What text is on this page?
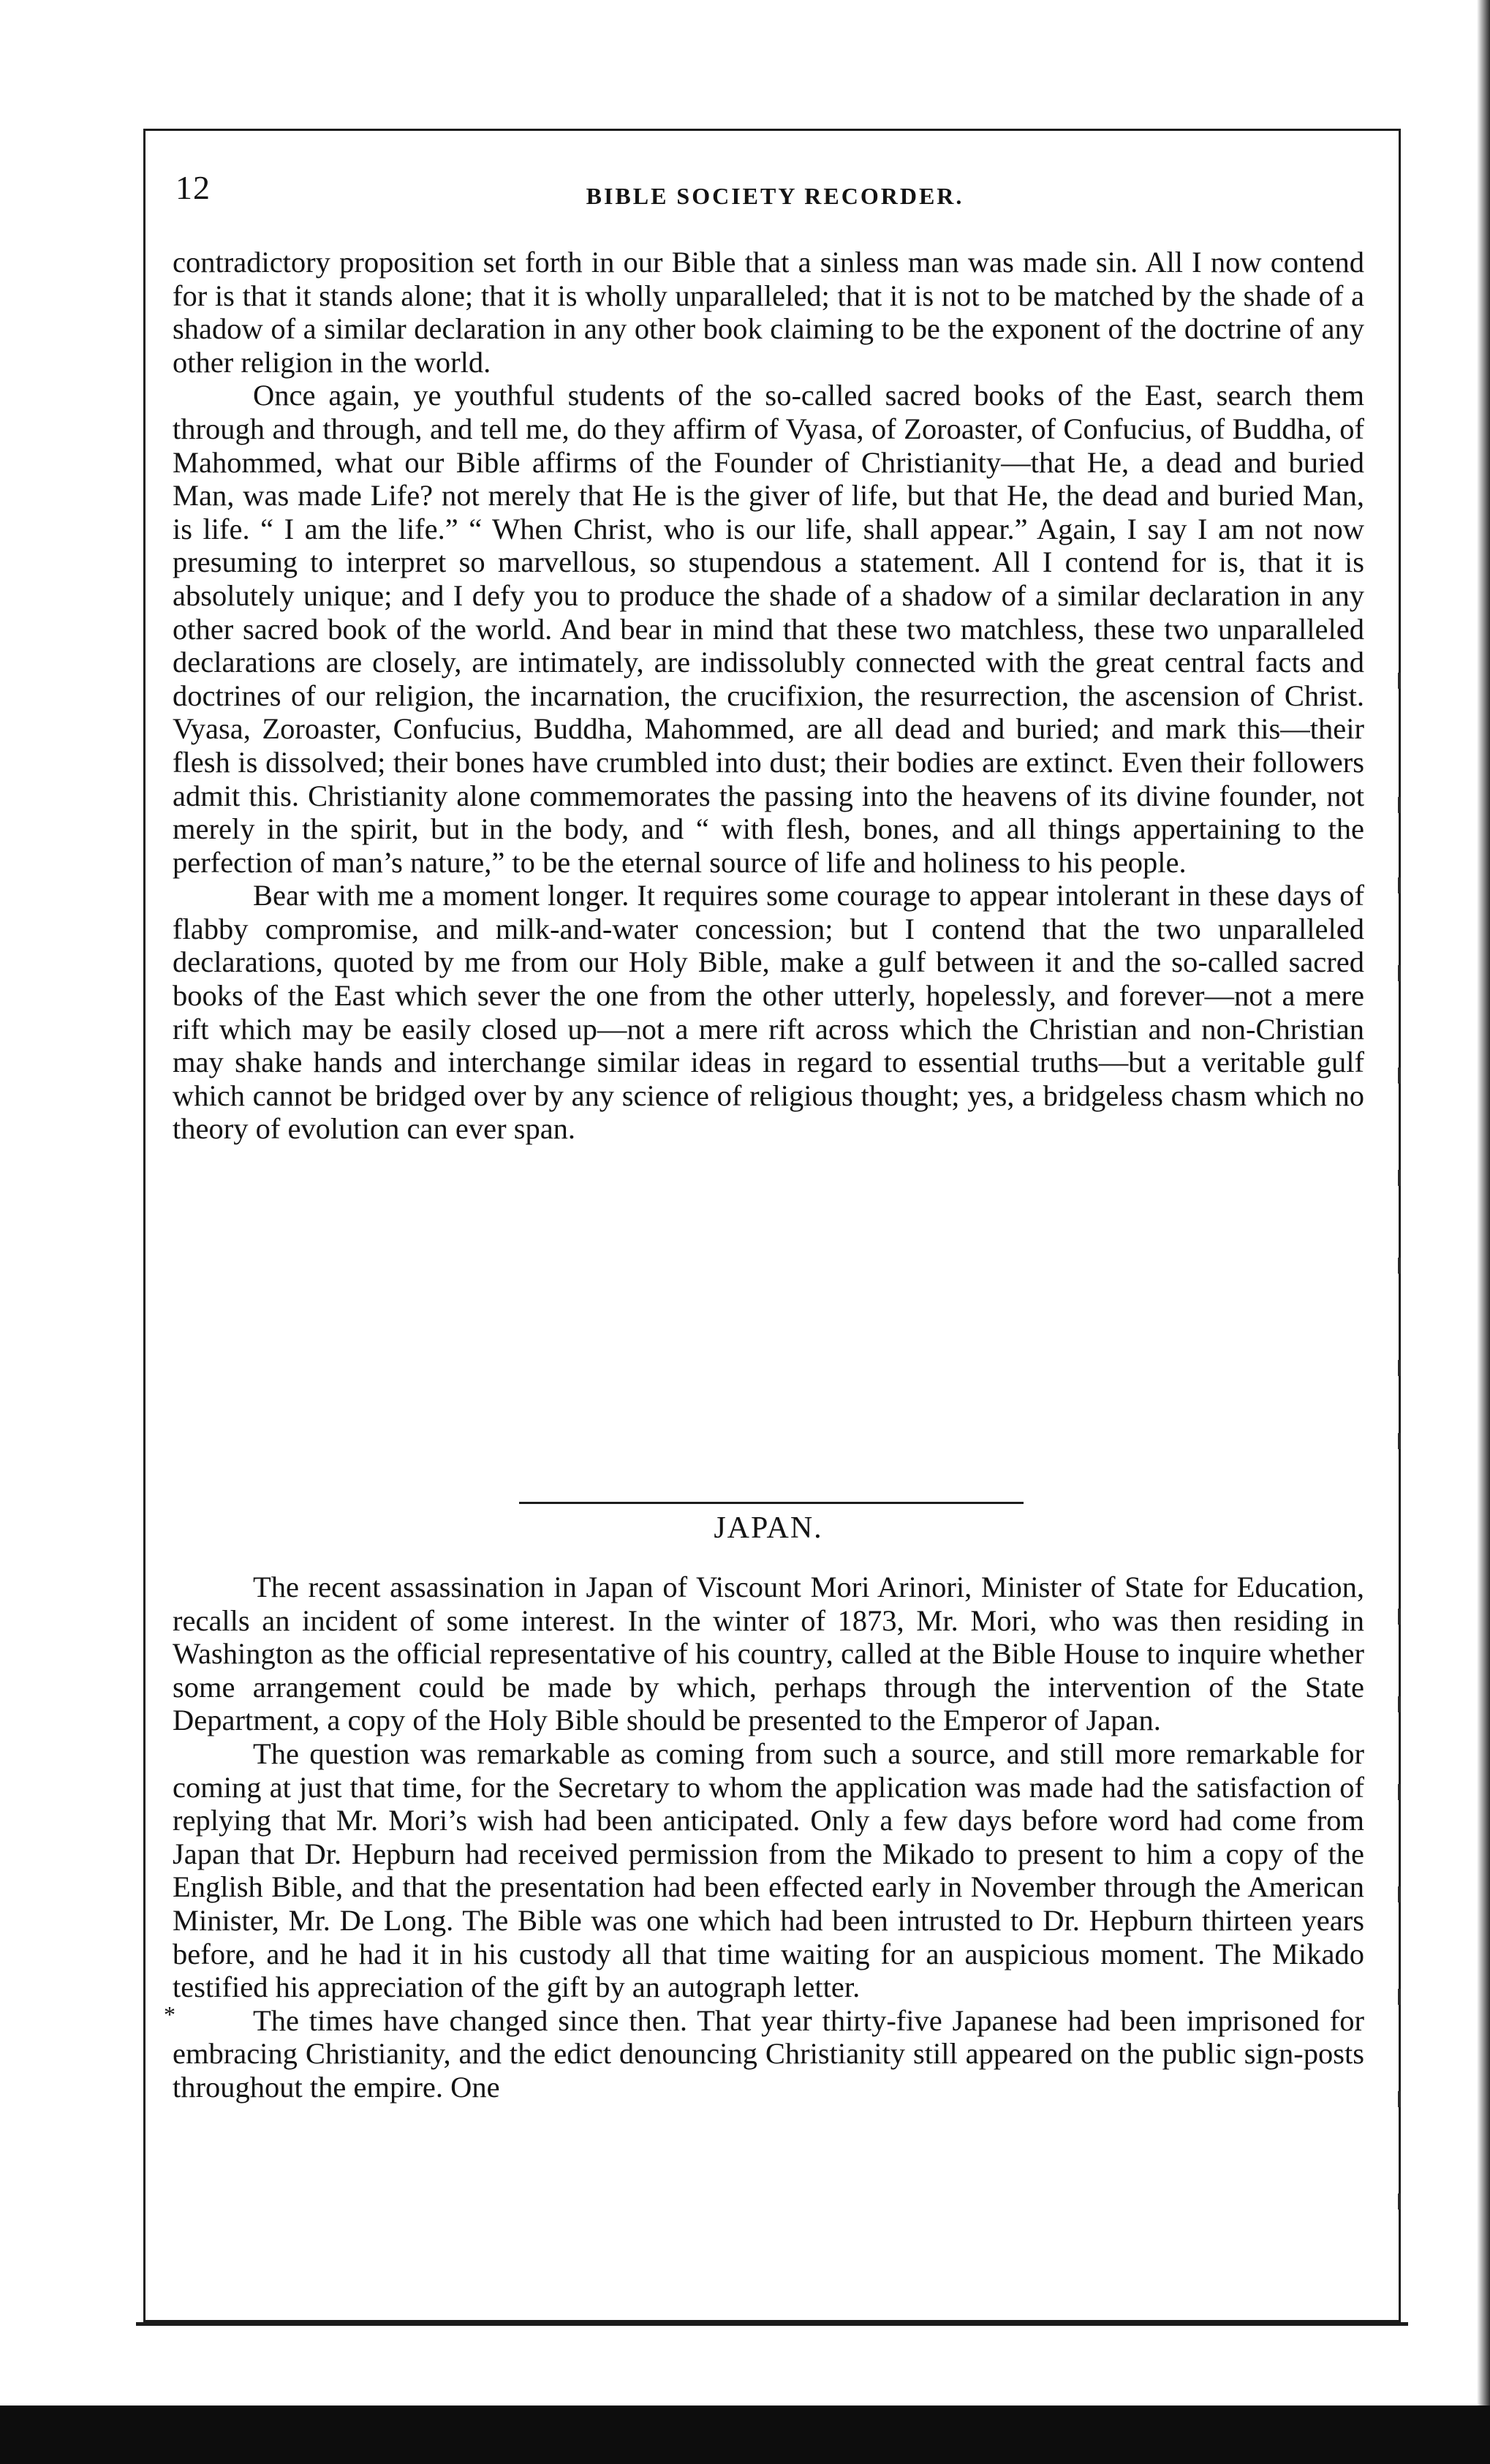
12	BIBLE SOCIETY RECORDER.

contradictory proposition set forth in our Bible that a sinless man was made sin. All I now contend for is that it stands alone; that it is wholly unparalleled; that it is not to be matched by the shade of a shadow of a similar declaration in any other book claiming to be the exponent of the doctrine of any other religion in the world.

Once again, ye youthful students of the so-called sacred books of the East, search them through and through, and tell me, do they affirm of Vyasa, of Zoroaster, of Confucius, of Buddha, of Mahommed, what our Bible affirms of the Founder of Christianity—that He, a dead and buried Man, was made Life? not merely that He is the giver of life, but that He, the dead and buried Man, is life. “ I am the life.” “ When Christ, who is our life, shall appear.” Again, I say I am not now presuming to interpret so marvellous, so stupendous a statement. All I contend for is, that it is absolutely unique; and I defy you to produce the shade of a shadow of a similar declaration in any other sacred book of the world. And bear in mind that these two matchless, these two unparalleled declarations are closely, are intimately, are indissolubly connected with the great central facts and doctrines of our religion, the incarnation, the crucifixion, the resurrection, the ascension of Christ. Vyasa, Zoroaster, Confucius, Buddha, Mahommed, are all dead and buried; and mark this—their flesh is dissolved; their bones have crumbled into dust; their bodies are extinct. Even their followers admit this. Christianity alone commemorates the passing into the heavens of its divine founder, not merely in the spirit, but in the body, and “ with flesh, bones, and all things appertaining to the perfection of man’s nature,” to be the eternal source of life and holiness to his people.

Bear with me a moment longer. It requires some courage to appear intolerant in these days of flabby compromise, and milk-and-water concession; but I contend that the two unparalleled declarations, quoted by me from our Holy Bible, make a gulf between it and the so-called sacred books of the East which sever the one from the other utterly, hopelessly, and forever—not a mere rift which may be easily closed up—not a mere rift across which the Christian and non-Christian may shake hands and interchange similar ideas in regard to essential truths—but a veritable gulf which cannot be bridged over by any science of religious thought; yes, a bridgeless chasm which no theory of evolution can ever span.

JAPAN.

The recent assassination in Japan of Viscount Mori Arinori, Minister of State for Education, recalls an incident of some interest. In the winter of 1873, Mr. Mori, who was then residing in Washington as the official representative of his country, called at the Bible House to inquire whether some arrangement could be made by which, perhaps through the intervention of the State Department, a copy of the Holy Bible should be presented to the Emperor of Japan.

The question was remarkable as coming from such a source, and still more remarkable for coming at just that time, for the Secretary to whom the application was made had the satisfaction of replying that Mr. Mori’s wish had been anticipated. Only a few days before word had come from Japan that Dr. Hepburn had received permission from the Mikado to present to him a copy of the English Bible, and that the presentation had been effected early in November through the American Minister, Mr. De Long. The Bible was one which had been intrusted to Dr. Hepburn thirteen years before, and he had it in his custody all that time waiting for an auspicious moment. The Mikado testified his appreciation of the gift by an autograph letter.

The times have changed since then. That year thirty-five Japanese had been imprisoned for embracing Christianity, and the edict denouncing Christianity still appeared on the public sign-posts throughout the empire. One

*
